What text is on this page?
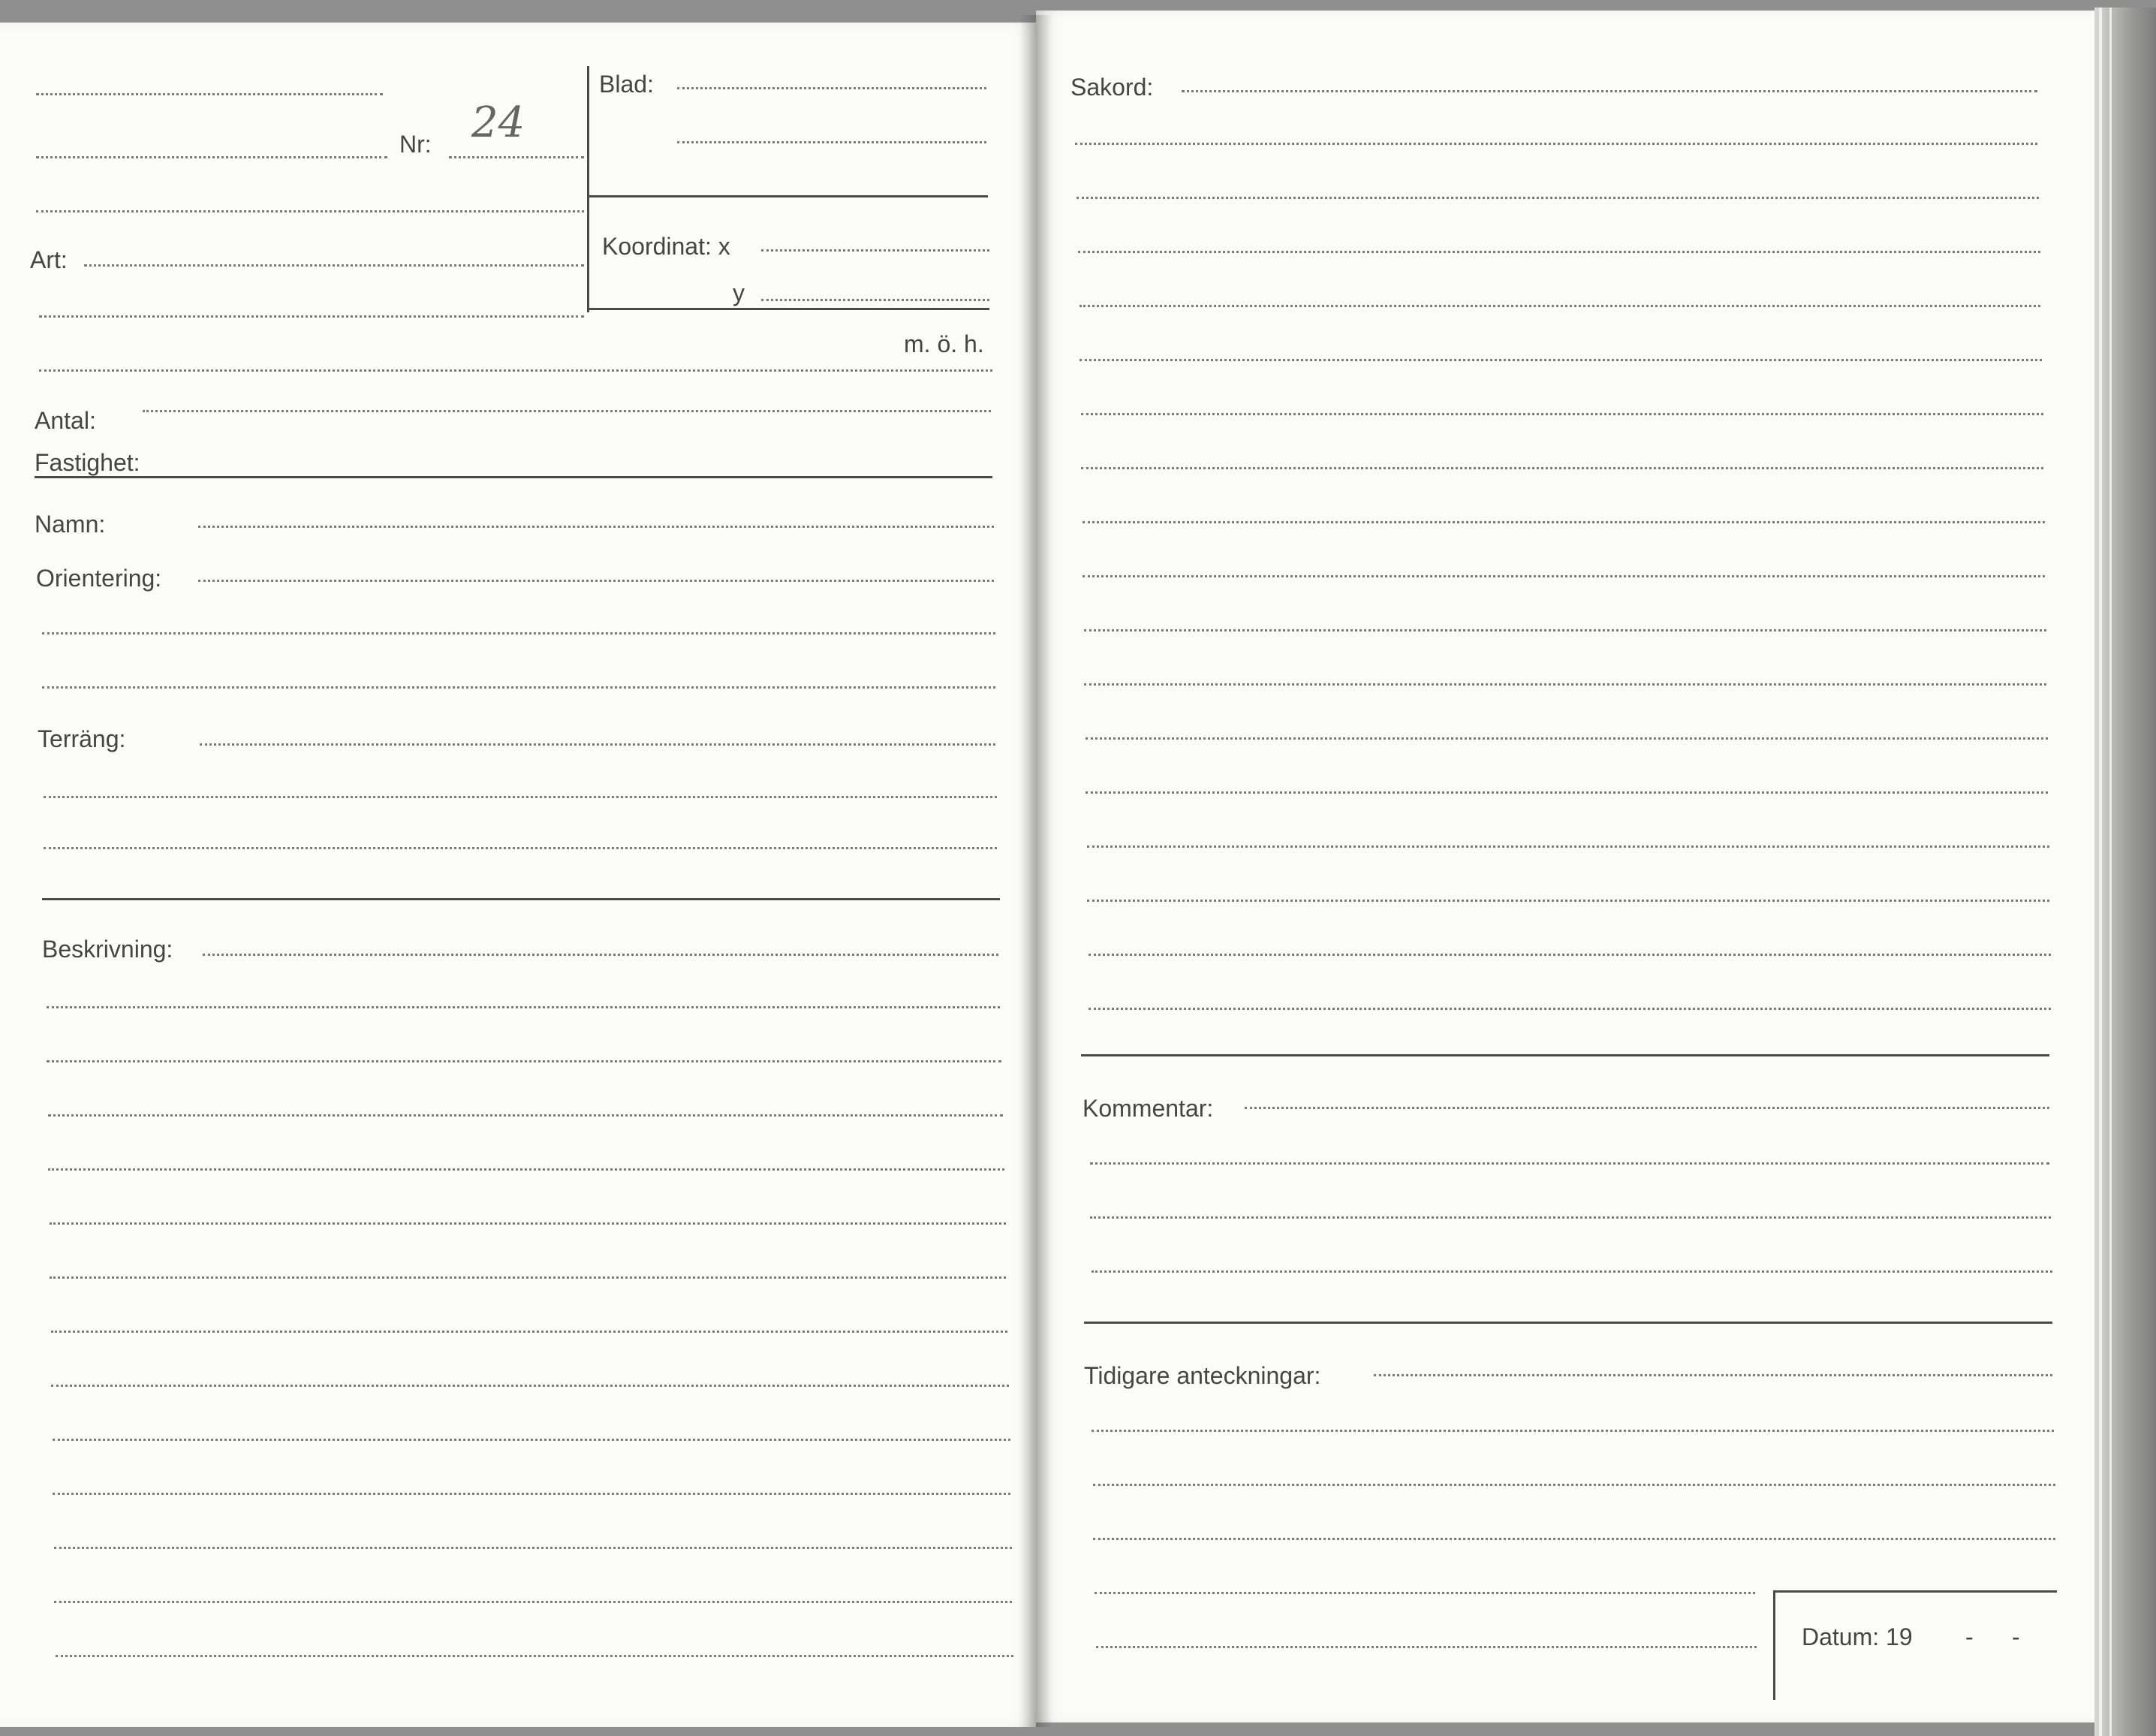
Nr: 24
Art:
Blad:
Koordinat: x
y
m. ö. h.
Antal:
Fastighet:
Namn:
Orientering:
Terräng:
Beskrivning:
Sakord:
Kommentar:
Tidigare anteckningar:
Datum: 19 - -
